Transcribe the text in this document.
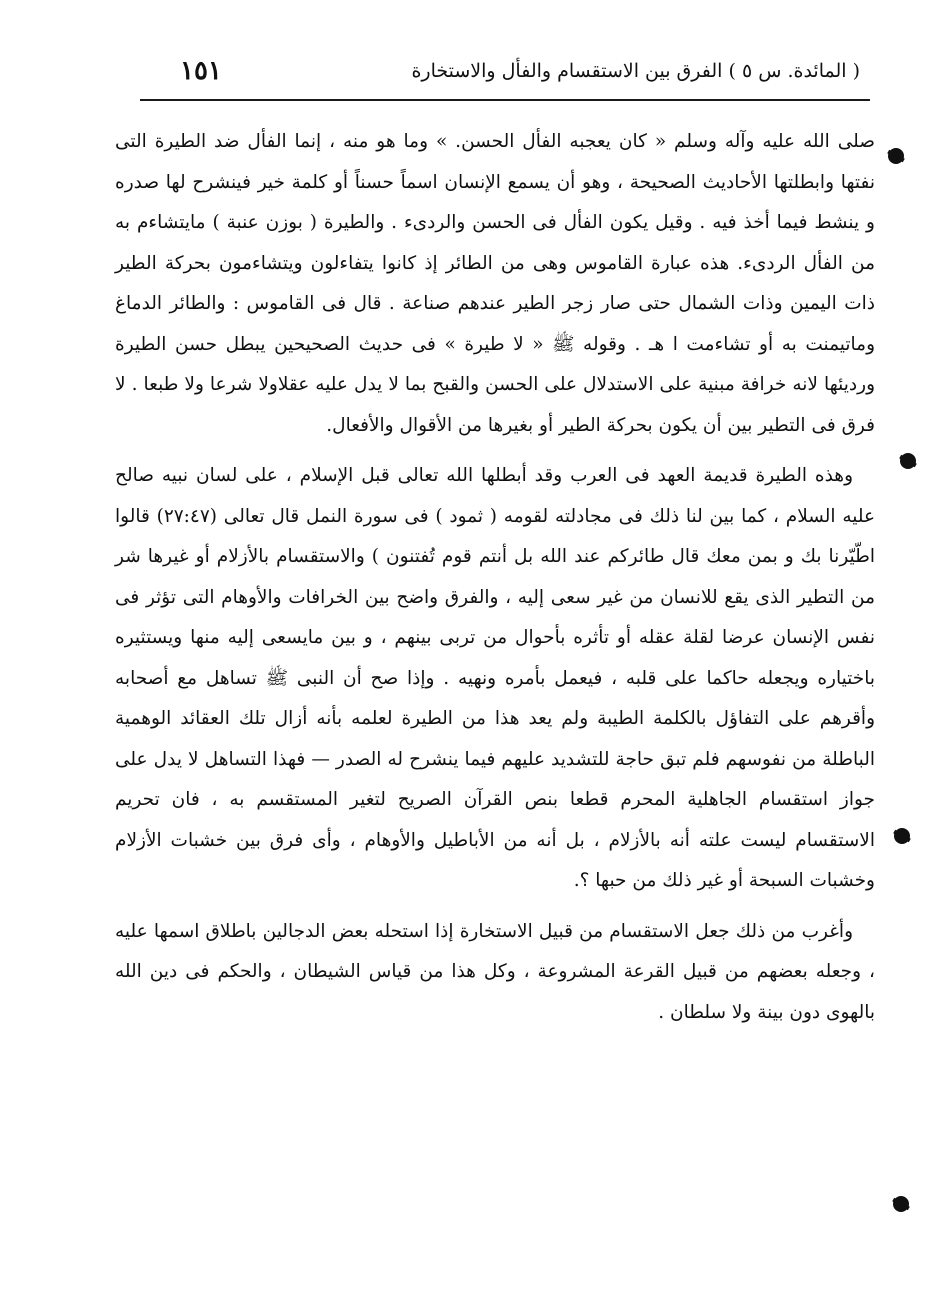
( المائدة. س ٥ ) الفرق بين الاستقسام والفأل والاستخارة
١٥١

صلى الله عليه وآله وسلم « كان يعجبه الفأل الحسن. » وما هو منه ، إنما الفأل ضد الطيرة التى نفتها وابطلتها الأحاديث الصحيحة ، وهو أن يسمع الإنسان اسماً حسناً أو كلمة خير فينشرح لها صدره و ينشط فيما أخذ فيه . وقيل يكون الفأل فى الحسن والردىء . والطيرة ( بوزن عنبة ) مايتشاءم به من الفأل الردىء. هذه عبارة القاموس وهى من الطائر إذ كانوا يتفاءلون ويتشاءمون بحركة الطير ذات اليمين وذات الشمال حتى صار زجر الطير عندهم صناعة . قال فى القاموس : والطائر الدماغ وماتيمنت به أو تشاءمت ا هـ . وقوله ﷺ « لا طيرة » فى حديث الصحيحين يبطل حسن الطيرة ورديئها لانه خرافة مبنية على الاستدلال على الحسن والقبح بما لا يدل عليه عقلاولا شرعا ولا طبعا . لا فرق فى التطير بين أن يكون بحركة الطير أو بغيرها من الأقوال والأفعال.

وهذه الطيرة قديمة العهد فى العرب وقد أبطلها الله تعالى قبل الإسلام ، على لسان نبيه صالح عليه السلام ، كما بين لنا ذلك فى مجادلته لقومه ( ثمود ) فى سورة النمل قال تعالى (٢٧:٤٧) قالوا اطّيّرنا بك و بمن معك قال طائركم عند الله بل أنتم قوم تُفتنون ) والاستقسام بالأزلام أو غيرها شر من التطير الذى يقع للانسان من غير سعى إليه ، والفرق واضح بين الخرافات والأوهام التى تؤثر فى نفس الإنسان عرضا لقلة عقله أو تأثره بأحوال من تربى بينهم ، و بين مايسعى إليه منها ويستثيره باختياره ويجعله حاكما على قلبه ، فيعمل بأمره ونهيه . وإذا صح أن النبى ﷺ تساهل مع أصحابه وأقرهم على التفاؤل بالكلمة الطيبة ولم يعد هذا من الطيرة لعلمه بأنه أزال تلك العقائد الوهمية الباطلة من نفوسهم فلم تبق حاجة للتشديد عليهم فيما ينشرح له الصدر — فهذا التساهل لا يدل على جواز استقسام الجاهلية المحرم قطعا بنص القرآن الصريح لتغير المستقسم به ، فان تحريم الاستقسام ليست علته أنه بالأزلام ، بل أنه من الأباطيل والأوهام ، وأى فرق بين خشبات الأزلام وخشبات السبحة أو غير ذلك من حبها ؟.

وأغرب من ذلك جعل الاستقسام من قبيل الاستخارة إذا استحله بعض الدجالين باطلاق اسمها عليه ، وجعله بعضهم من قبيل القرعة المشروعة ، وكل هذا من قياس الشيطان ، والحكم فى دين الله بالهوى دون بينة ولا سلطان .
